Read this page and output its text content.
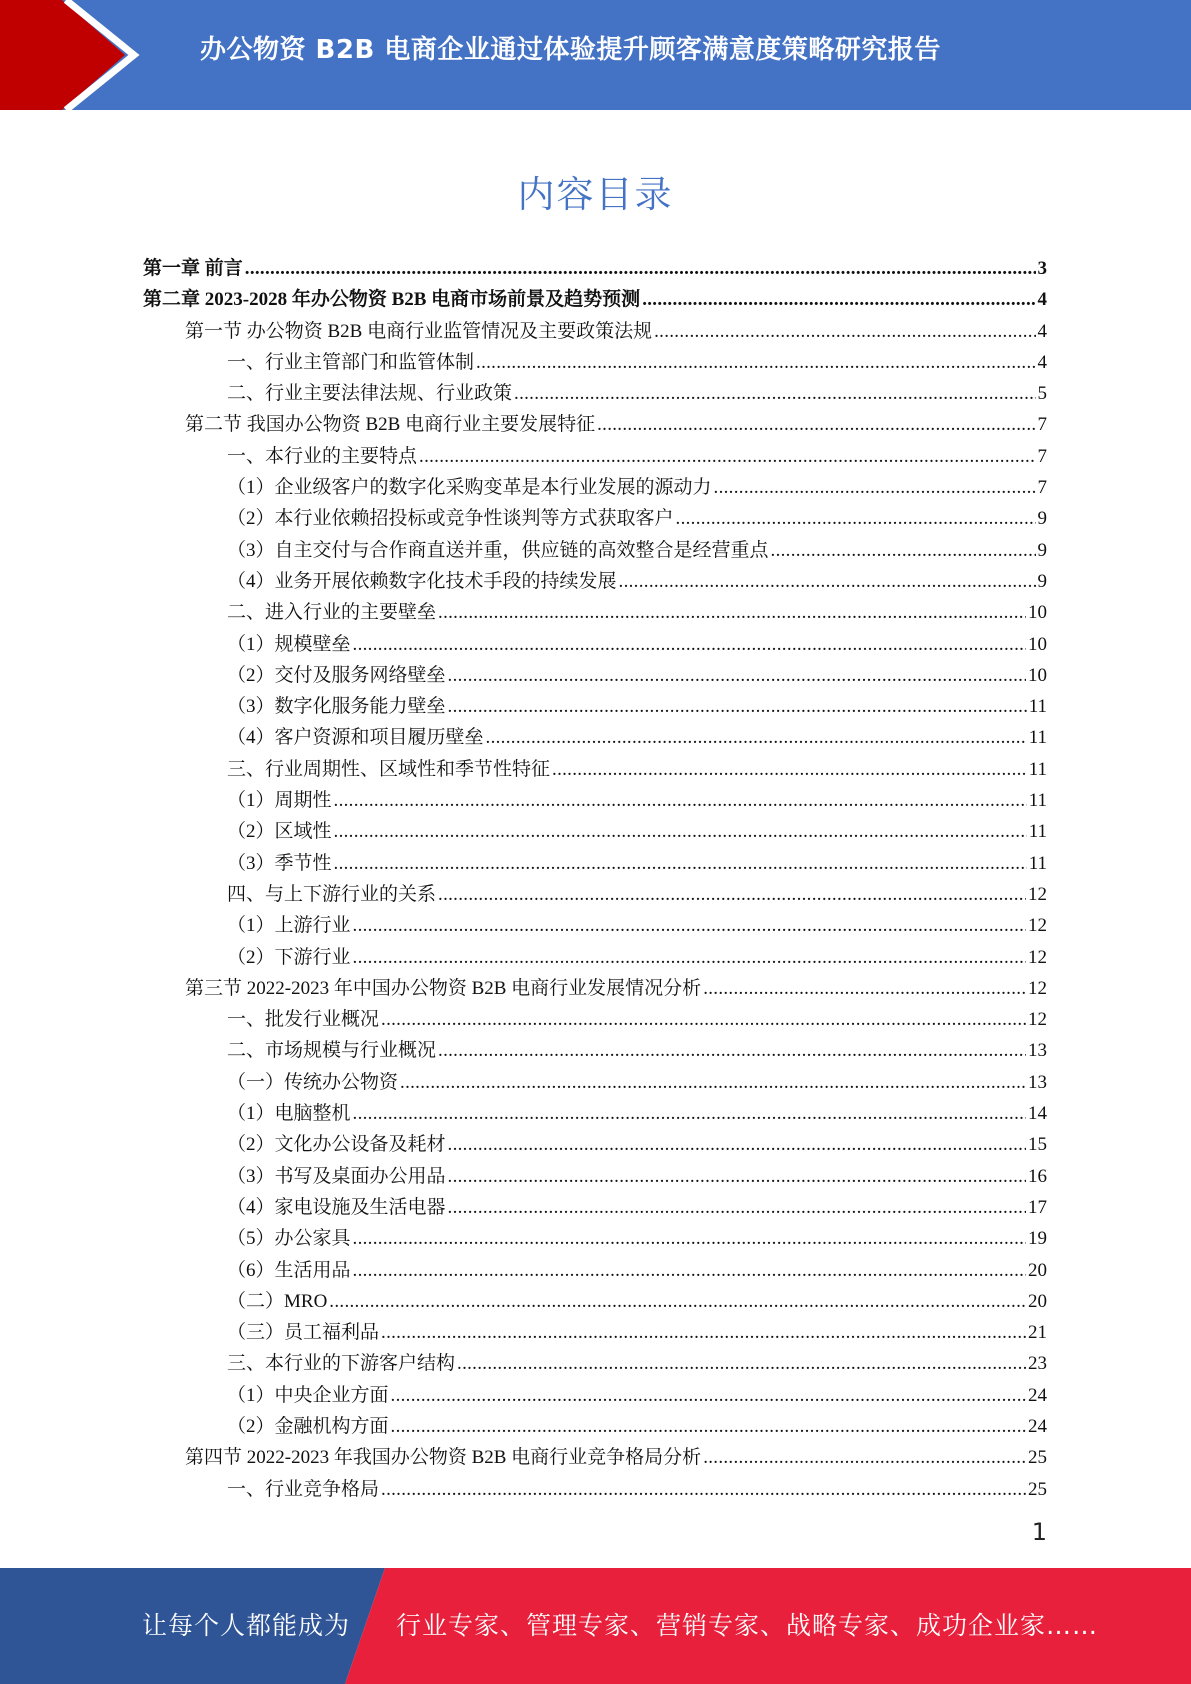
办公物资 B2B 电商企业通过体验提升顾客满意度策略研究报告
内容目录
第一章 前言 .....	3
第二章 2023-2028 年办公物资 B2B 电商市场前景及趋势预测 .....	4
第一节 办公物资 B2B 电商行业监管情况及主要政策法规 .....	4
一、行业主管部门和监管体制 .....	4
二、行业主要法律法规、行业政策 .....	5
第二节 我国办公物资 B2B 电商行业主要发展特征 .....	7
一、本行业的主要特点 .....	7
（1）企业级客户的数字化采购变革是本行业发展的源动力 .....	7
（2）本行业依赖招投标或竞争性谈判等方式获取客户 .....	9
（3）自主交付与合作商直送并重，供应链的高效整合是经营重点 .....	9
（4）业务开展依赖数字化技术手段的持续发展 .....	9
二、进入行业的主要壁垒 .....	10
（1）规模壁垒 .....	10
（2）交付及服务网络壁垒 .....	10
（3）数字化服务能力壁垒 .....	11
（4）客户资源和项目履历壁垒 .....	11
三、行业周期性、区域性和季节性特征 .....	11
（1）周期性 .....	11
（2）区域性 .....	11
（3）季节性 .....	11
四、与上下游行业的关系 .....	12
（1）上游行业 .....	12
（2）下游行业 .....	12
第三节 2022-2023 年中国办公物资 B2B 电商行业发展情况分析 .....	12
一、批发行业概况 .....	12
二、市场规模与行业概况 .....	13
（一）传统办公物资 .....	13
（1）电脑整机 .....	14
（2）文化办公设备及耗材 .....	15
（3）书写及桌面办公用品 .....	16
（4）家电设施及生活电器 .....	17
（5）办公家具 .....	19
（6）生活用品 .....	20
（二）MRO .....	20
（三）员工福利品 .....	21
三、本行业的下游客户结构 .....	23
（1）中央企业方面 .....	24
（2）金融机构方面 .....	24
第四节 2022-2023 年我国办公物资 B2B 电商行业竞争格局分析 .....	25
一、行业竞争格局 .....	25
1
让每个人都能成为 行业专家、管理专家、营销专家、战略专家、成功企业家……
